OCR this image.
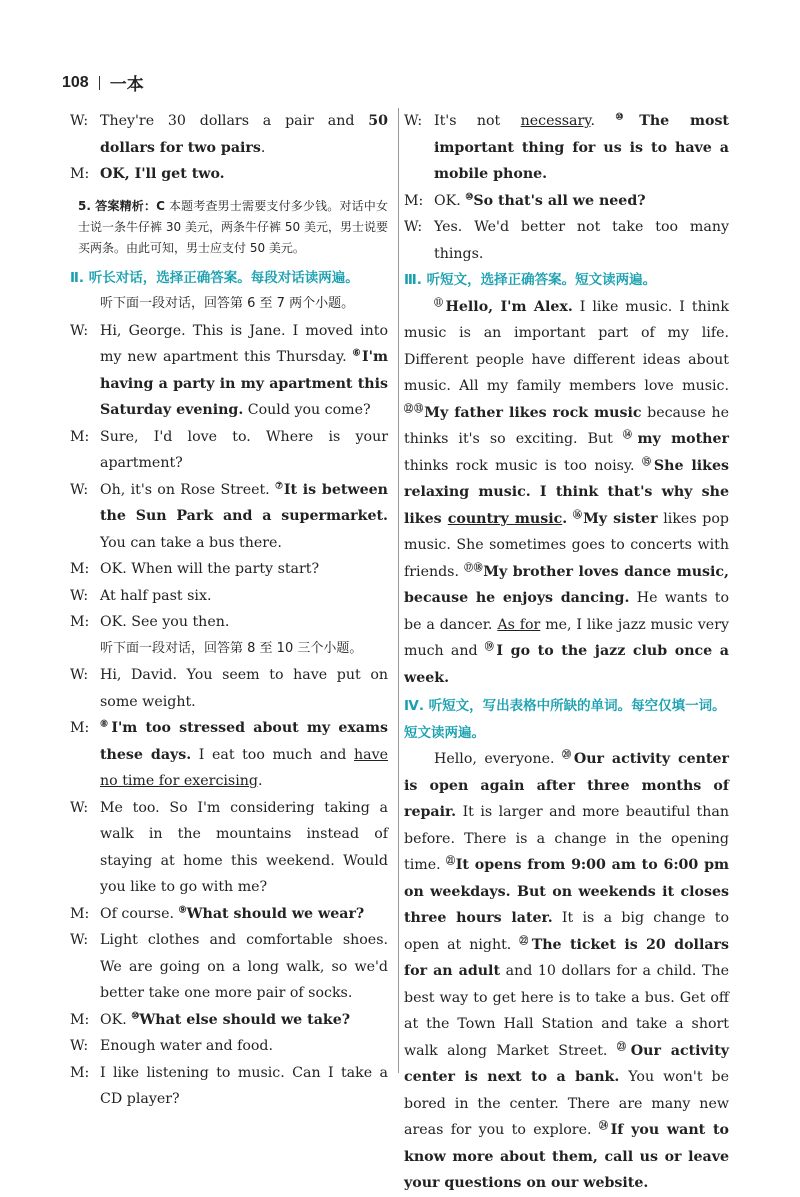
108 一本
W: They're 30 dollars a pair and 50 dollars for two pairs.
M: OK, I'll get two.
5. 答案精析：C 本题考查男士需要支付多少钱。对话中女士说一条牛仔裤 30 美元，两条牛仔裤 50 美元，男士说要买两条。由此可知，男士应支付 50 美元。
Ⅱ. 听长对话，选择正确答案。每段对话读两遍。
听下面一段对话，回答第 6 至 7 两个小题。
W: Hi, George. This is Jane. I moved into my new apartment this Thursday. ⑥I'm having a party in my apartment this Saturday evening. Could you come?
M: Sure, I'd love to. Where is your apartment?
W: Oh, it's on Rose Street. ⑦It is between the Sun Park and a supermarket. You can take a bus there.
M: OK. When will the party start?
W: At half past six.
M: OK. See you then.
听下面一段对话，回答第 8 至 10 三个小题。
W: Hi, David. You seem to have put on some weight.
M:	⑧I'm too stressed about my exams these days. I eat too much and have no time for exercising.
W: Me too. So I'm considering taking a walk in the mountains instead of staying at home this weekend. Would you like to go with me?
M: Of course. ⑨What should we wear?
W: Light clothes and comfortable shoes. We are going on a long walk, so we'd better take one more pair of socks.
M: OK. ⑩What else should we take?
W: Enough water and food.
M: I like listening to music. Can I take a CD player?
W: It's not necessary. ⑩The most important thing for us is to have a mobile phone.
M: OK. ⑩So that's all we need?
W: Yes. We'd better not take too many things.
Ⅲ. 听短文，选择正确答案。短文读两遍。
⑪Hello, I'm Alex. I like music. I think music is an important part of my life. Different people have different ideas about music. All my family members love music. ⑫⑬My father likes rock music because he thinks it's so exciting. But ⑭my mother thinks rock music is too noisy. ⑮She likes relaxing music. I think that's why she likes country music. ⑯My sister likes pop music. She sometimes goes to concerts with friends. ⑰⑱My brother loves dance music, because he enjoys dancing. He wants to be a dancer. As for me, I like jazz music very much and ⑲I go to the jazz club once a week.
Ⅳ. 听短文，写出表格中所缺的单词。每空仅填一词。短文读两遍。
Hello, everyone. ⑳Our activity center is open again after three months of repair. It is larger and more beautiful than before. There is a change in the opening time. $^㉑$It opens from 9:00 am to 6:00 pm on weekdays. But on weekends it closes three hours later. It is a big change to open at night. $^㉒$The ticket is 20 dollars for an adult and 10 dollars for a child. The best way to get here is to take a bus. Get off at the Town Hall Station and take a short walk along Market Street. $^㉓$Our activity center is next to a bank. You won't be bored in the center. There are many new areas for you to explore. $^㉔$If you want to know more about them, call us or leave your questions on our website.
